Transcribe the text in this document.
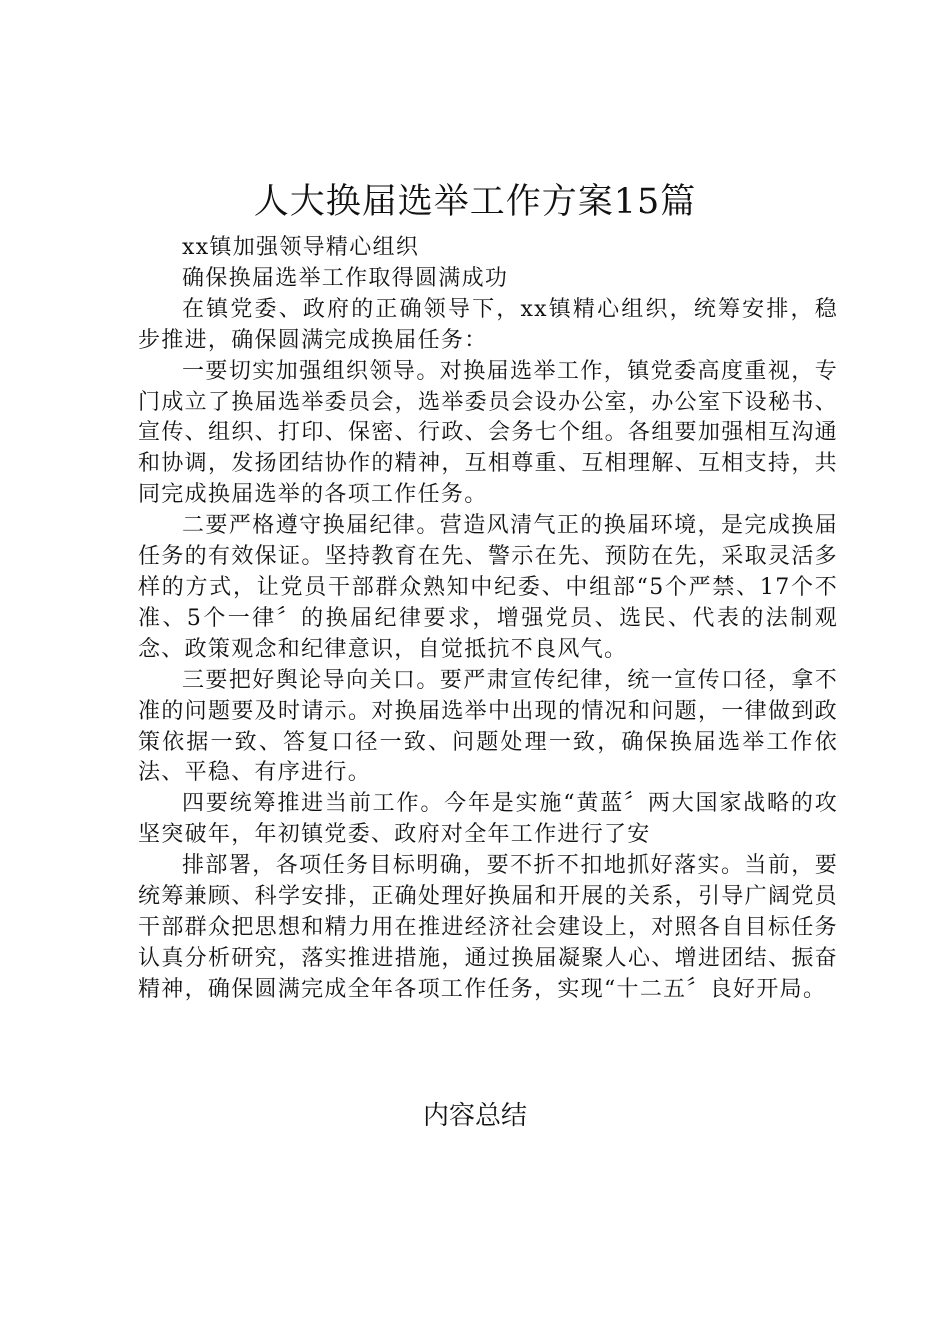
人大换届选举工作方案15篇

xx镇加强领导精心组织

确保换届选举工作取得圆满成功

在镇党委、政府的正确领导下，xx镇精心组织，统筹安排，稳步推进，确保圆满完成换届任务：

一要切实加强组织领导。对换届选举工作，镇党委高度重视，专门成立了换届选举委员会，选举委员会设办公室，办公室下设秘书、宣传、组织、打印、保密、行政、会务七个组。各组要加强相互沟通和协调，发扬团结协作的精神，互相尊重、互相理解、互相支持，共同完成换届选举的各项工作任务。

二要严格遵守换届纪律。营造风清气正的换届环境，是完成换届任务的有效保证。坚持教育在先、警示在先、预防在先，采取灵活多样的方式，让党员干部群众熟知中纪委、中组部“5个严禁、17个不准、5个一律〞的换届纪律要求，增强党员、选民、代表的法制观念、政策观念和纪律意识，自觉抵抗不良风气。

三要把好舆论导向关口。要严肃宣传纪律，统一宣传口径，拿不准的问题要及时请示。对换届选举中出现的情况和问题，一律做到政策依据一致、答复口径一致、问题处理一致，确保换届选举工作依法、平稳、有序进行。

四要统筹推进当前工作。今年是实施“黄蓝〞两大国家战略的攻坚突破年，年初镇党委、政府对全年工作进行了安

排部署，各项任务目标明确，要不折不扣地抓好落实。当前，要统筹兼顾、科学安排，正确处理好换届和开展的关系，引导广阔党员干部群众把思想和精力用在推进经济社会建设上，对照各自目标任务认真分析研究，落实推进措施，通过换届凝聚人心、增进团结、振奋精神，确保圆满完成全年各项工作任务，实现“十二五〞良好开局。

内容总结
